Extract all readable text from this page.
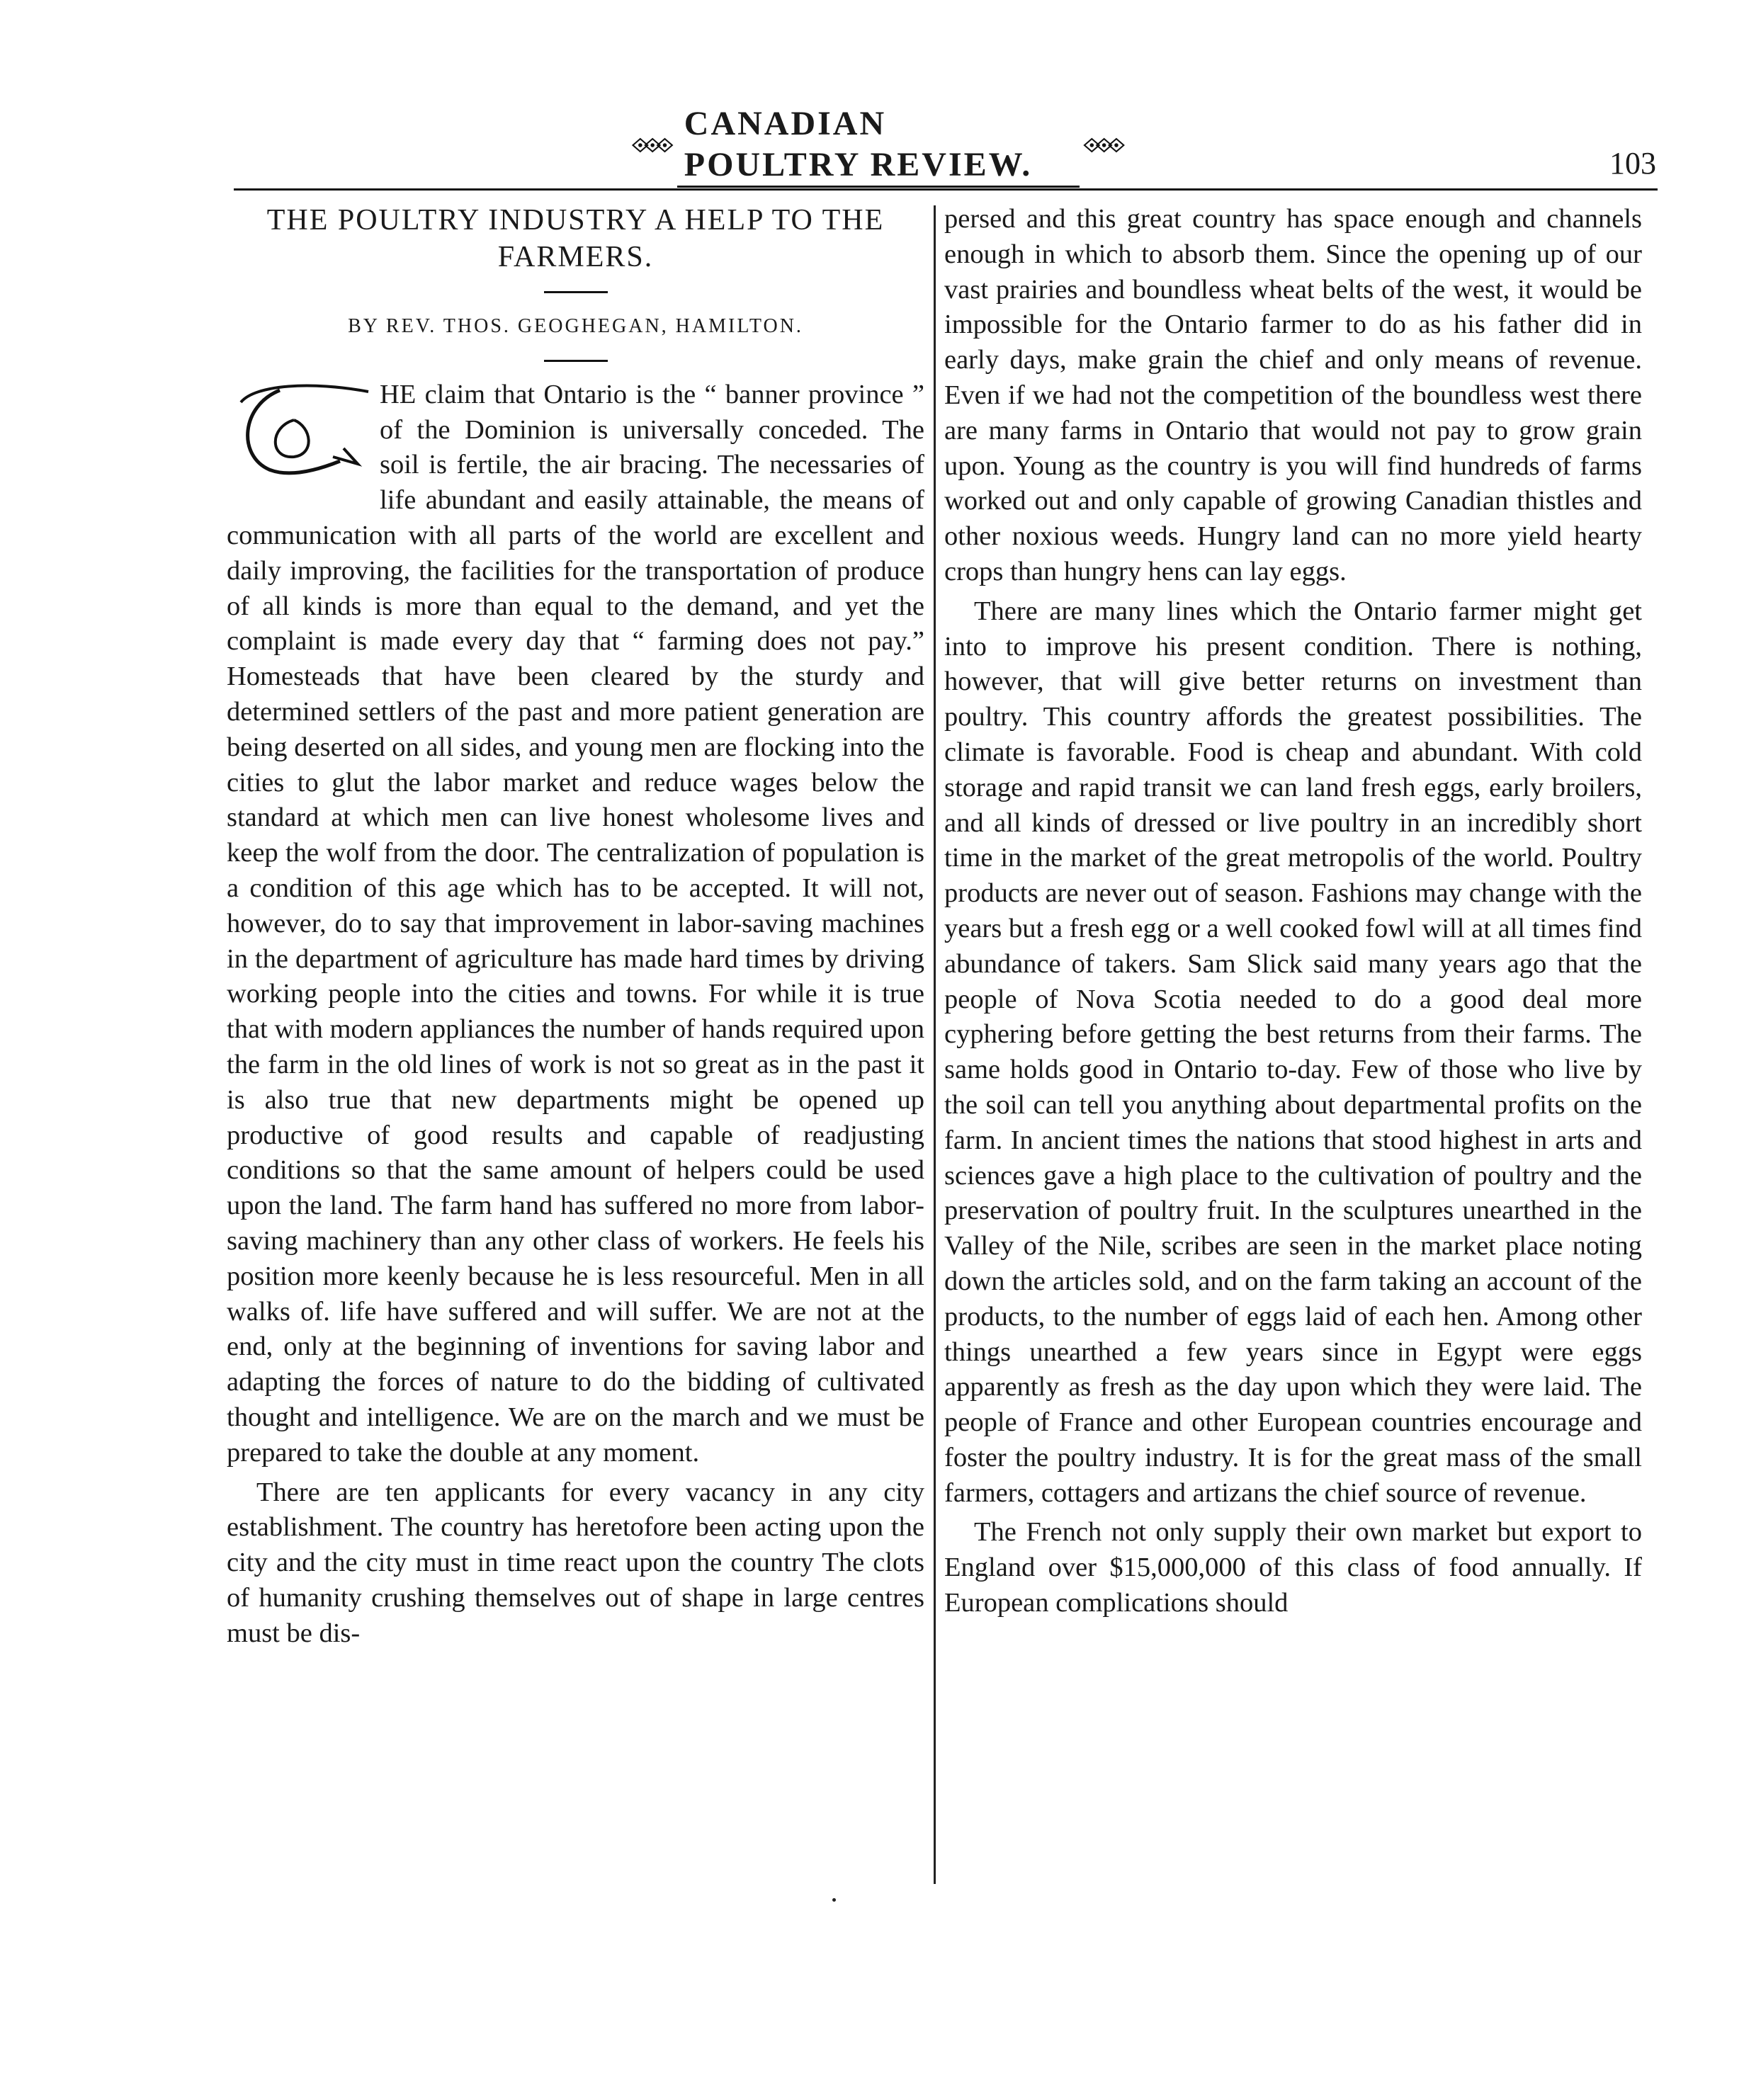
CANADIAN POULTRY REVIEW.	103
THE POULTRY INDUSTRY A HELP TO THE FARMERS.
BY REV. THOS. GEOGHEGAN, HAMILTON.

HE claim that Ontario is the “ banner province ” of the Dominion is universally conceded. The soil is fertile, the air bracing. The necessaries of life abundant and easily attainable, the means of communication with all parts of the world are excellent and daily improving, the facilities for the transportation of produce of all kinds is more than equal to the demand, and yet the complaint is made every day that “ farming does not pay.” Homesteads that have been cleared by the sturdy and determined settlers of the past and more patient generation are being deserted on all sides, and young men are flocking into the cities to glut the labor market and reduce wages below the standard at which men can live honest wholesome lives and keep the wolf from the door. The centralization of population is a condition of this age which has to be accepted. It will not, however, do to say that improvement in labor-saving machines in the department of agriculture has made hard times by driving working people into the cities and towns. For while it is true that with modern appliances the number of hands required upon the farm in the old lines of work is not so great as in the past it is also true that new departments might be opened up productive of good results and capable of readjusting conditions so that the same amount of helpers could be used upon the land. The farm hand has suffered no more from labor-saving machinery than any other class of workers. He feels his position more keenly because he is less resourceful. Men in all walks of. life have suffered and will suffer. We are not at the end, only at the beginning of inventions for saving labor and adapting the forces of nature to do the bidding of cultivated thought and intelligence. We are on the march and we must be prepared to take the double at any moment.

There are ten applicants for every vacancy in any city establishment. The country has heretofore been acting upon the city and the city must in time react upon the country The clots of humanity crushing themselves out of shape in large centres must be dis-

persed and this great country has space enough and channels enough in which to absorb them. Since the opening up of our vast prairies and boundless wheat belts of the west, it would be impossible for the Ontario farmer to do as his father did in early days, make grain the chief and only means of revenue. Even if we had not the competition of the boundless west there are many farms in Ontario that would not pay to grow grain upon. Young as the country is you will find hundreds of farms worked out and only capable of growing Canadian thistles and other noxious weeds. Hungry land can no more yield hearty crops than hungry hens can lay eggs.

There are many lines which the Ontario farmer might get into to improve his present condition. There is nothing, however, that will give better returns on investment than poultry. This country affords the greatest possibilities. The climate is favorable. Food is cheap and abundant. With cold storage and rapid transit we can land fresh eggs, early broilers, and all kinds of dressed or live poultry in an incredibly short time in the market of the great metropolis of the world. Poultry products are never out of season. Fashions may change with the years but a fresh egg or a well cooked fowl will at all times find abundance of takers. Sam Slick said many years ago that the people of Nova Scotia needed to do a good deal more cyphering before getting the best returns from their farms. The same holds good in Ontario to-day. Few of those who live by the soil can tell you anything about departmental profits on the farm. In ancient times the nations that stood highest in arts and sciences gave a high place to the cultivation of poultry and the preservation of poultry fruit. In the sculptures unearthed in the Valley of the Nile, scribes are seen in the market place noting down the articles sold, and on the farm taking an account of the products, to the number of eggs laid of each hen. Among other things unearthed a few years since in Egypt were eggs apparently as fresh as the day upon which they were laid. The people of France and other European countries encourage and foster the poultry industry. It is for the great mass of the small farmers, cottagers and artizans the chief source of revenue.

The French not only supply their own market but export to England over $15,000,000 of this class of food annually. If European complications should
